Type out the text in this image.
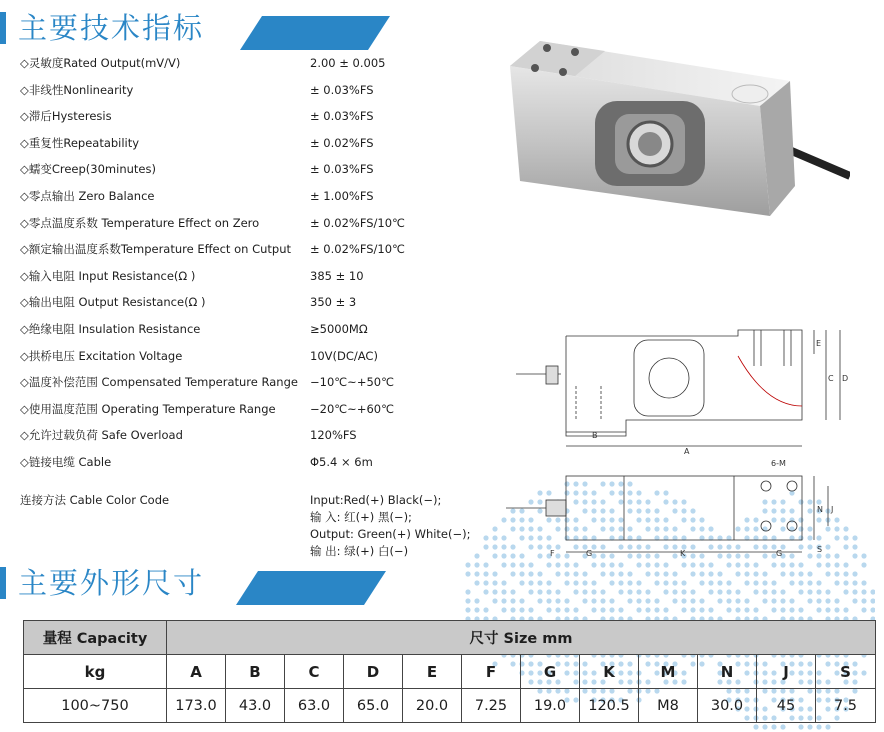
主要技术指标
◇灵敏度Rated Output(mV/V)	2.00 ± 0.005
◇非线性Nonlinearity	± 0.03%FS
◇滞后Hysteresis	± 0.03%FS
◇重复性Repeatability	± 0.02%FS
◇蠕变Creep(30minutes)	± 0.03%FS
◇零点输出 Zero Balance	± 1.00%FS
◇零点温度系数 Temperature Effect on Zero	± 0.02%FS/10℃
◇额定输出温度系数Temperature Effect on Cutput ± 0.02%FS/10℃
◇输入电阻 Input Resistance(Ω )	385 ± 10
◇输出电阻 Output Resistance(Ω )	350 ± 3
◇绝缘电阻 Insulation Resistance	≥5000MΩ
◇拱桥电压 Excitation Voltage	10V(DC/AC)
◇温度补偿范围 Compensated Temperature Range −10℃~+50℃
◇使用温度范围 Operating Temperature Range	−20℃~+60℃
◇允许过载负荷 Safe Overload	120%FS
◇链接电缆 Cable	Φ5.4 × 6m
连接方法 Cable Color Code	Input:Red(+) Black(−);
输 入: 红(+) 黑(−);
Output: Green(+) White(−);
输 出: 绿(+) 白(−)
A
B
C D
E
6-M
F	G	K	G
N J
S
主要外形尺寸
量程 Capacity	尺寸 Size mm											
kg	A	B	C	D	E	F	G	K	M	N	J	S
100~750	173.0	43.0	63.0	65.0	20.0	7.25	19.0	120.5	M8	30.0	45	7.5
